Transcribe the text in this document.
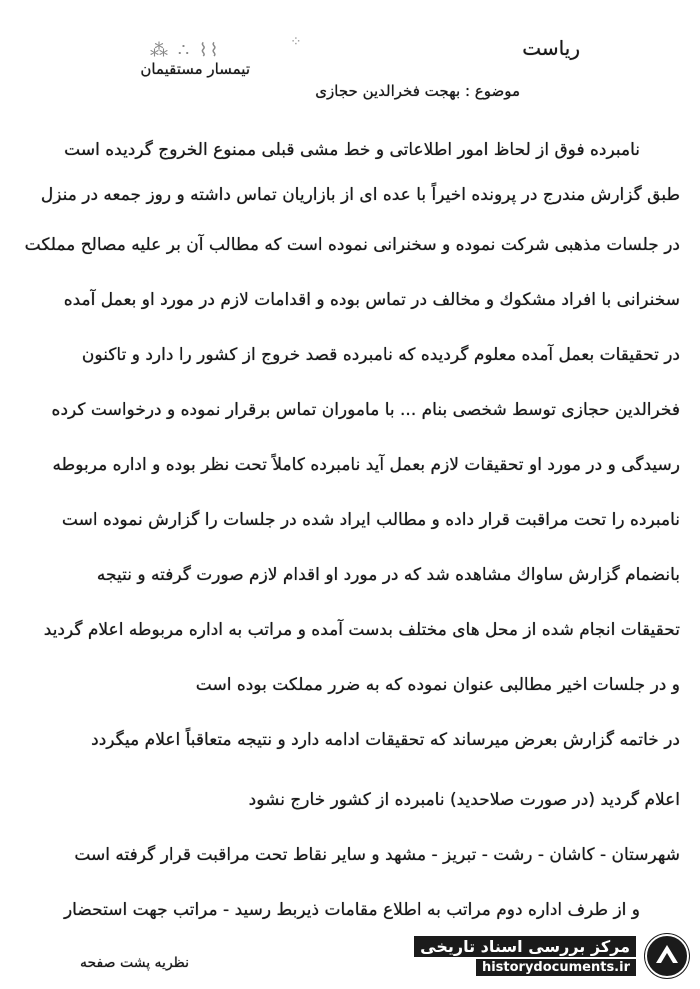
⁂ ∴ ⌇⌇	⁘	رياست
تيمسار مستقيمان
موضوع : بهجت فخرالدين حجازى
نامبرده فوق از لحاظ امور اطلاعاتى و خط مشى قبلى ممنوع الخروج گرديده است
طبق گزارش مندرج در پرونده اخيراً با عده اى از بازاريان تماس داشته و روز جمعه در منزل
در جلسات مذهبى شركت نموده و سخنرانى نموده است كه مطالب آن بر عليه مصالح مملكت
سخنرانى با افراد مشكوك و مخالف در تماس بوده و اقدامات لازم در مورد او بعمل آمده
در تحقيقات بعمل آمده معلوم گرديده كه نامبرده قصد خروج از كشور را دارد و تاكنون
فخرالدين حجازى توسط شخصى بنام ... با ماموران تماس برقرار نموده و درخواست كرده
رسيدگى و در مورد او تحقيقات لازم بعمل آيد نامبرده كاملاً تحت نظر بوده و اداره مربوطه
نامبرده را تحت مراقبت قرار داده و مطالب ايراد شده در جلسات را گزارش نموده است
بانضمام گزارش ساواك مشاهده شد كه در مورد او اقدام لازم صورت گرفته و نتيجه
تحقيقات انجام شده از محل هاى مختلف بدست آمده و مراتب به اداره مربوطه اعلام گرديد
و در جلسات اخير مطالبى عنوان نموده كه به ضرر مملكت بوده است
در خاتمه گزارش بعرض ميرساند كه تحقيقات ادامه دارد و نتيجه متعاقباً اعلام ميگردد
اعلام گرديد (در صورت صلاحديد) نامبرده از كشور خارج نشود
شهرستان - كاشان - رشت - تبريز - مشهد و ساير نقاط تحت مراقبت قرار گرفته است
و از طرف اداره دوم مراتب به اطلاع مقامات ذيربط رسيد - مراتب جهت استحضار
نظريه پشت صفحه
مرکز بررسی اسناد تاریخی
historydocuments.ir
